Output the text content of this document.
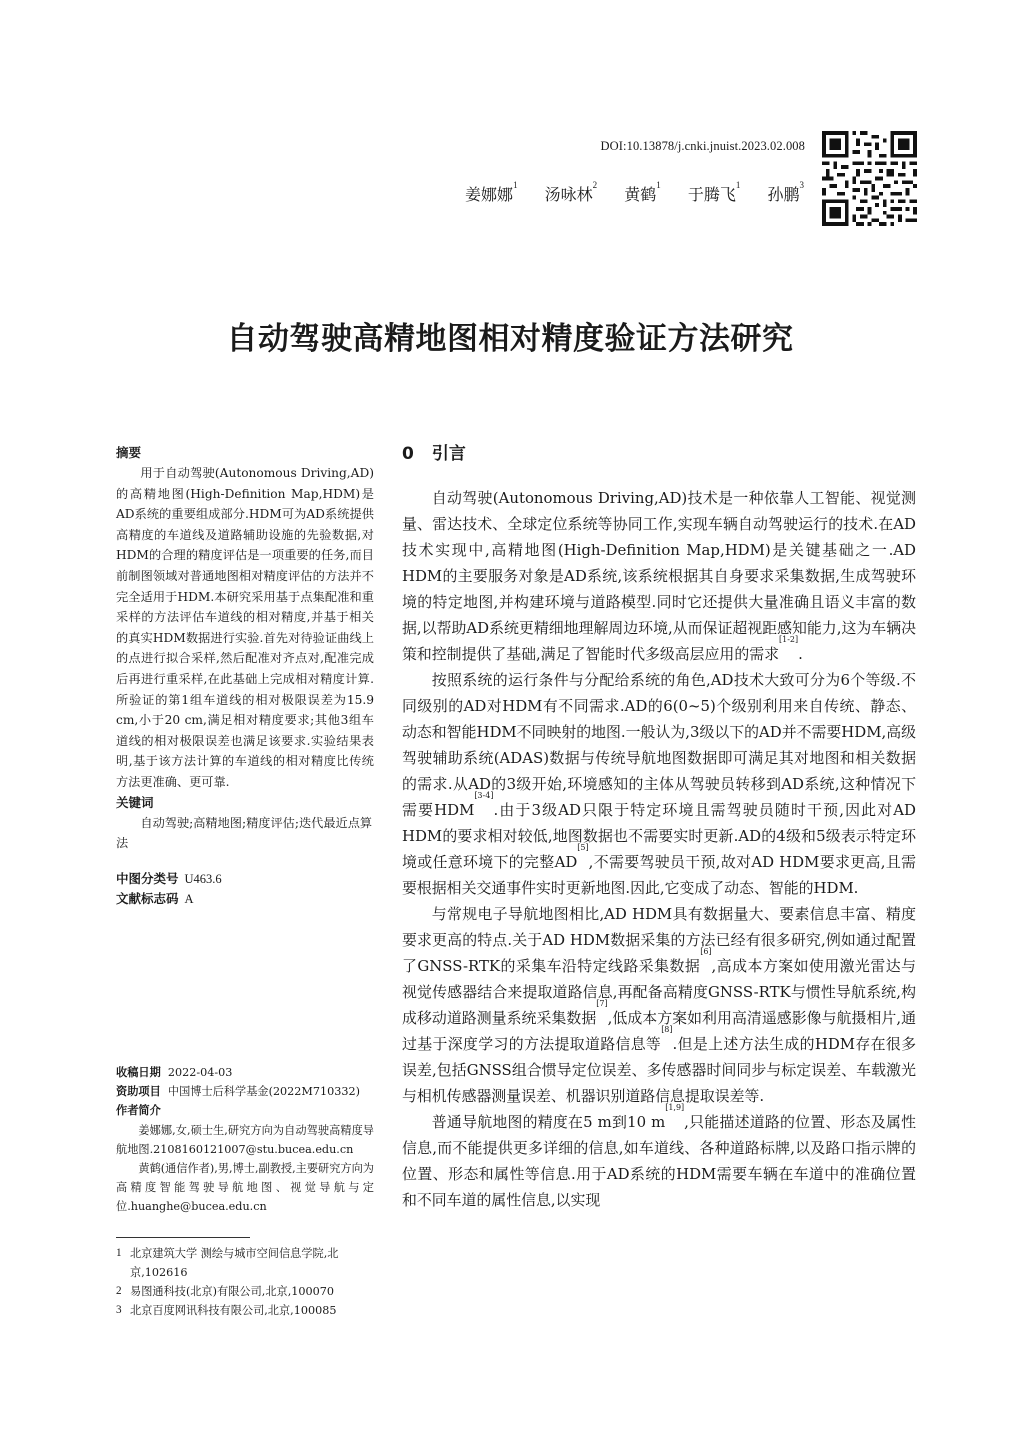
DOI:10.13878/j.cnki.jnuist.2023.02.008
姜娜娜$^1$ 汤咏林$^2$ 黄鹤$^1$ 于腾飞$^1$ 孙鹏$^3$
自动驾驶高精地图相对精度验证方法研究
摘要

用于自动驾驶(Autonomous Driving,AD)的高精地图(High-Definition Map,HDM)是AD系统的重要组成部分.HDM可为AD系统提供高精度的车道线及道路辅助设施的先验数据,对HDM的合理的精度评估是一项重要的任务,而目前制图领域对普通地图相对精度评估的方法并不完全适用于HDM.本研究采用基于点集配准和重采样的方法评估车道线的相对精度,并基于相关的真实HDM数据进行实验.首先对待验证曲线上的点进行拟合采样,然后配准对齐点对,配准完成后再进行重采样,在此基础上完成相对精度计算.所验证的第1组车道线的相对极限误差为15.9 cm,小于20 cm,满足相对精度要求;其他3组车道线的相对极限误差也满足该要求.实验结果表明,基于该方法计算的车道线的相对精度比传统方法更准确、更可靠.

关键词

自动驾驶;高精地图;精度评估;迭代最近点算法

中图分类号 U463.6

文献标志码 A

收稿日期 2022-04-03

资助项目 中国博士后科学基金(2022M710332)

作者简介

姜娜娜,女,硕士生,研究方向为自动驾驶高精度导航地图.2108160121007@stu.bucea.edu.cn

黄鹤(通信作者),男,博士,副教授,主要研究方向为高精度智能驾驶导航地图、视觉导航与定位.huanghe@bucea.edu.cn

1 北京建筑大学 测绘与城市空间信息学院,北京,102616

2 易图通科技(北京)有限公司,北京,100070

3 北京百度网讯科技有限公司,北京,100085

0 引言

自动驾驶(Autonomous Driving,AD)技术是一种依靠人工智能、视觉测量、雷达技术、全球定位系统等协同工作,实现车辆自动驾驶运行的技术.在AD技术实现中,高精地图(High-Definition Map,HDM)是关键基础之一.AD HDM的主要服务对象是AD系统,该系统根据其自身要求采集数据,生成驾驶环境的特定地图,并构建环境与道路模型.同时它还提供大量准确且语义丰富的数据,以帮助AD系统更精细地理解周边环境,从而保证超视距感知能力,这为车辆决策和控制提供了基础,满足了智能时代多级高层应用的需求[1-2].

按照系统的运行条件与分配给系统的角色,AD技术大致可分为6个等级.不同级别的AD对HDM有不同需求.AD的6(0~5)个级别利用来自传统、静态、动态和智能HDM不同映射的地图.一般认为,3级以下的AD并不需要HDM,高级驾驶辅助系统(ADAS)数据与传统导航地图数据即可满足其对地图和相关数据的需求.从AD的3级开始,环境感知的主体从驾驶员转移到AD系统,这种情况下需要HDM[3-4].由于3级AD只限于特定环境且需驾驶员随时干预,因此对AD HDM的要求相对较低,地图数据也不需要实时更新.AD的4级和5级表示特定环境或任意环境下的完整AD[5],不需要驾驶员干预,故对AD HDM要求更高,且需要根据相关交通事件实时更新地图.因此,它变成了动态、智能的HDM.

与常规电子导航地图相比,AD HDM具有数据量大、要素信息丰富、精度要求更高的特点.关于AD HDM数据采集的方法已经有很多研究,例如通过配置了GNSS-RTK的采集车沿特定线路采集数据[6],高成本方案如使用激光雷达与视觉传感器结合来提取道路信息,再配备高精度GNSS-RTK与惯性导航系统,构成移动道路测量系统采集数据[7],低成本方案如利用高清遥感影像与航摄相片,通过基于深度学习的方法提取道路信息等[8].但是上述方法生成的HDM存在很多误差,包括GNSS组合惯导定位误差、多传感器时间同步与标定误差、车载激光与相机传感器测量误差、机器识别道路信息提取误差等.

普通导航地图的精度在5 m到10 m[1,9],只能描述道路的位置、形态及属性信息,而不能提供更多详细的信息,如车道线、各种道路标牌,以及路口指示牌的位置、形态和属性等信息.用于AD系统的HDM需要车辆在车道中的准确位置和不同车道的属性信息,以实现
